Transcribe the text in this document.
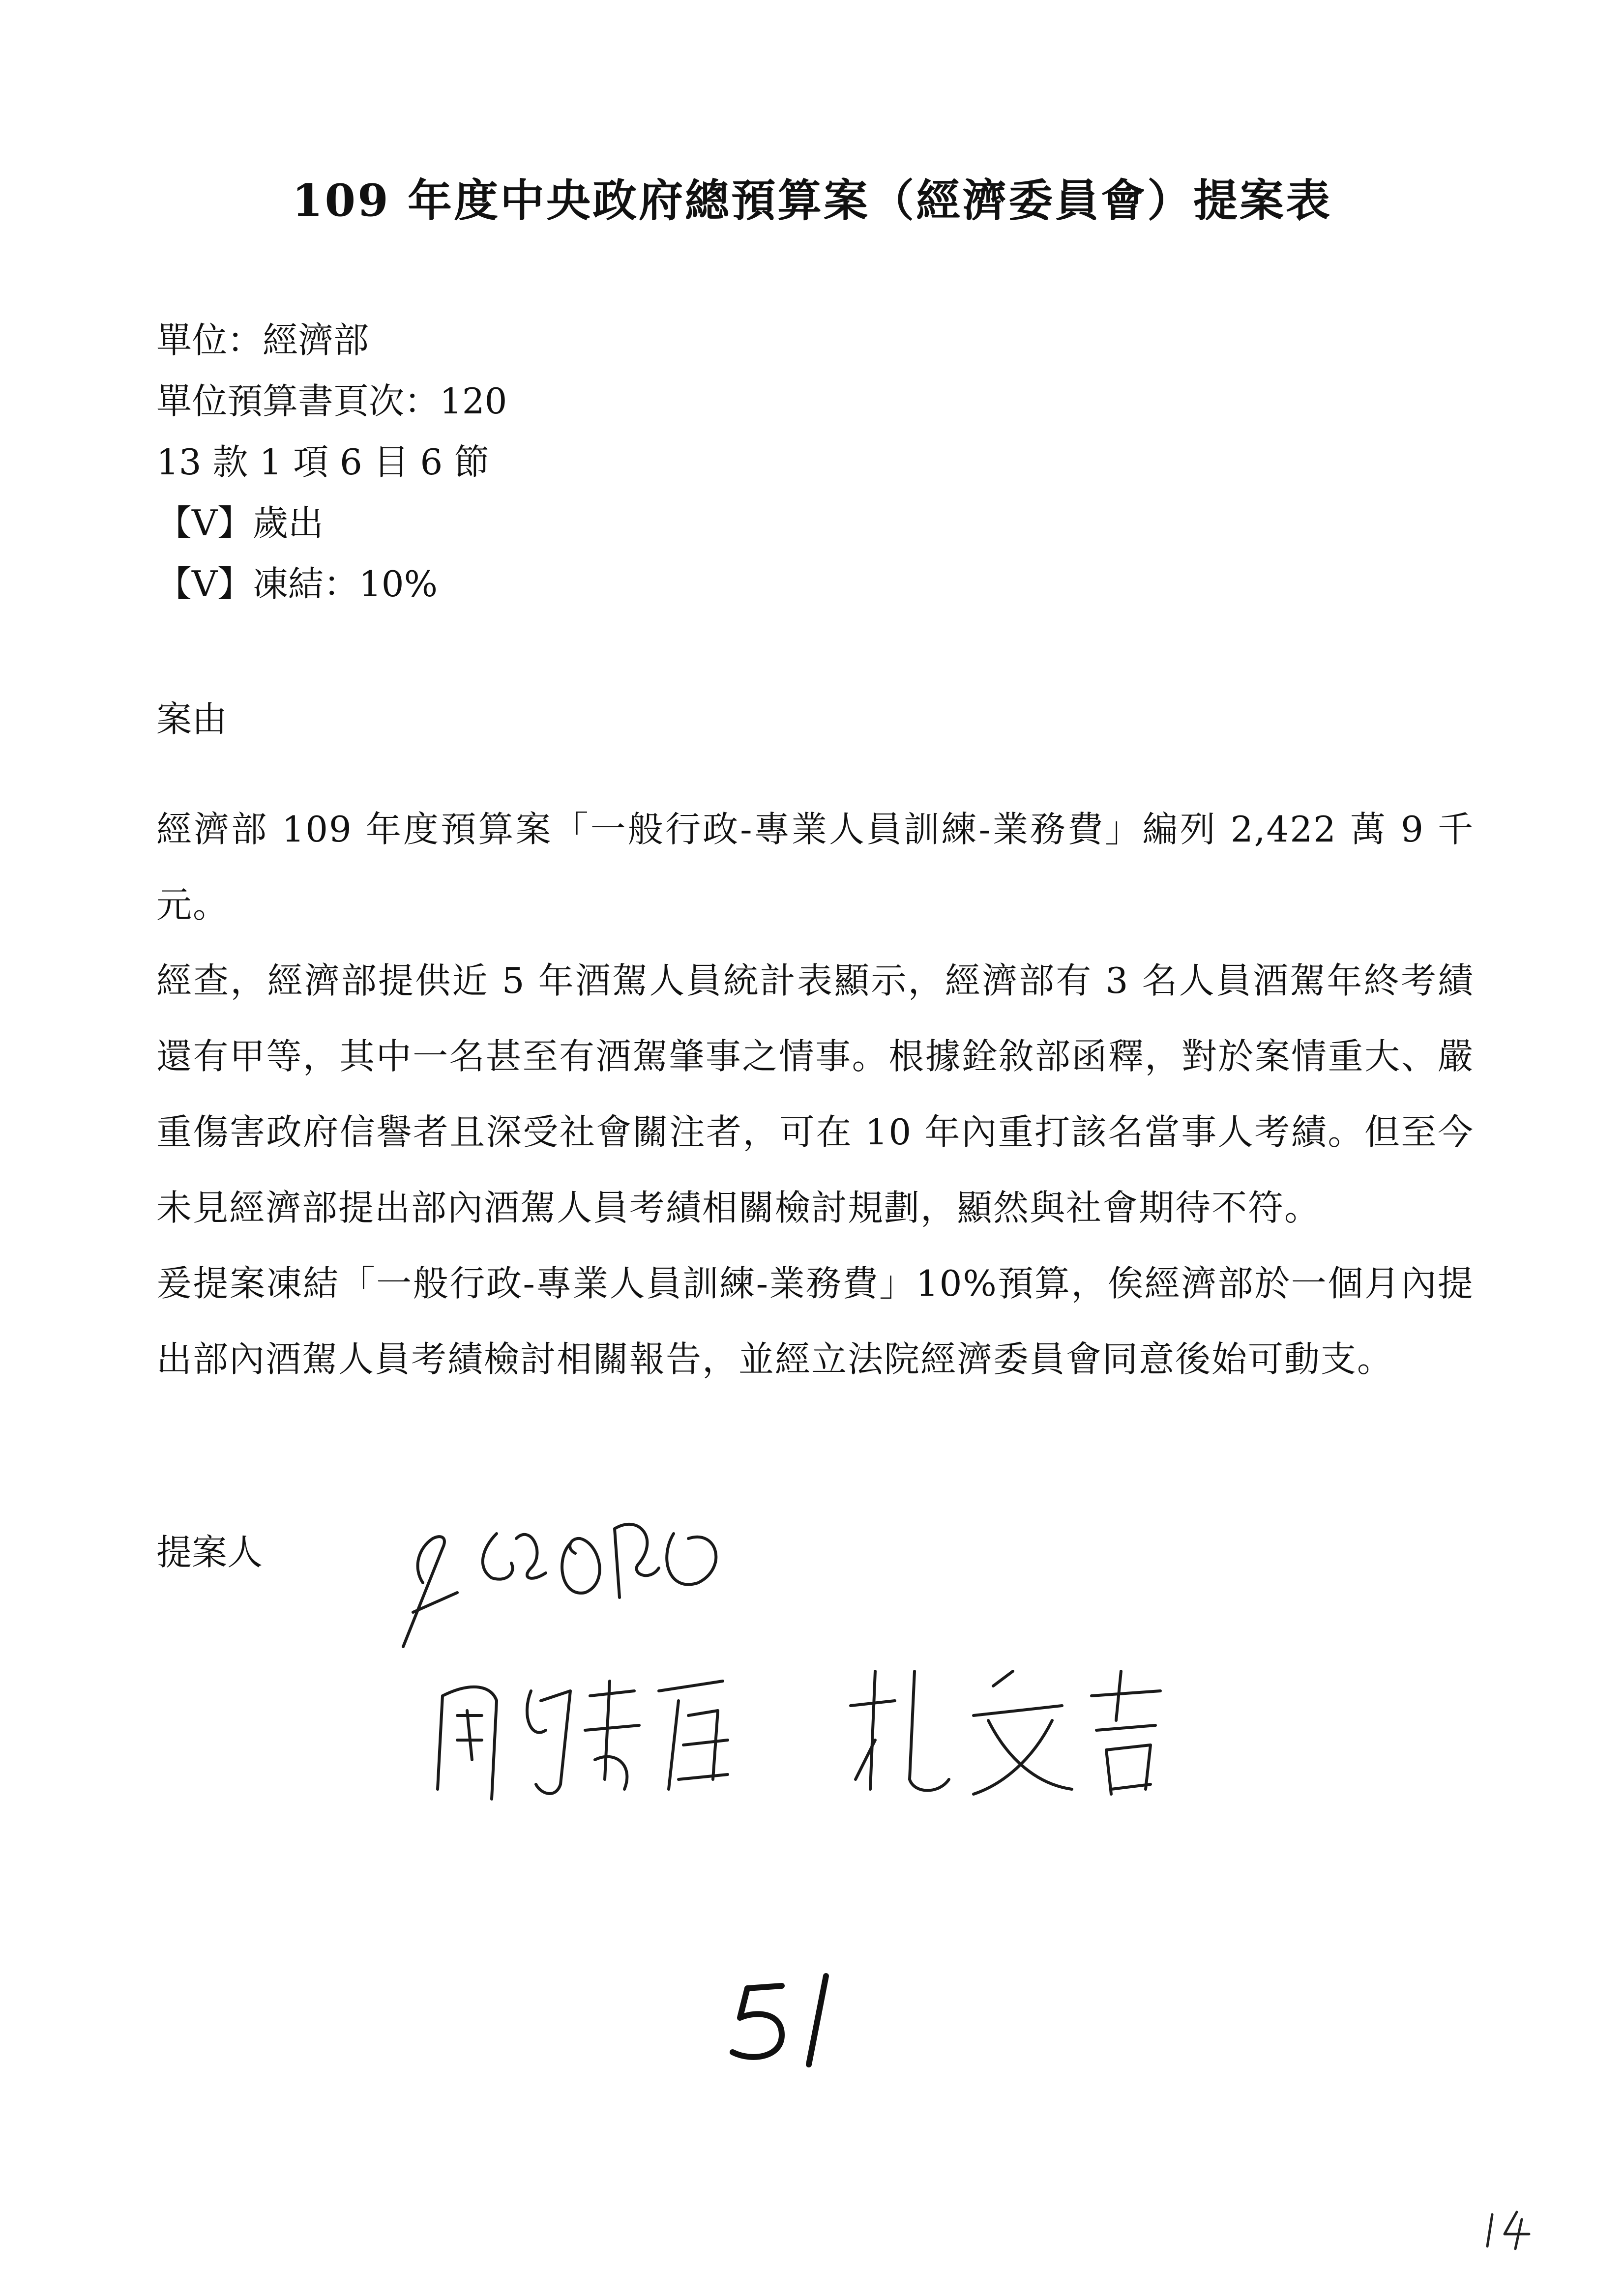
109 年度中央政府總預算案（經濟委員會）提案表
單位：經濟部
單位預算書頁次：120
13 款 1 項 6 目 6 節
【V】歲出
【V】凍結：10%
案由

經濟部 109 年度預算案「一般行政-專業人員訓練-業務費」編列 2,422 萬 9 千元。

經查，經濟部提供近 5 年酒駕人員統計表顯示，經濟部有 3 名人員酒駕年終考績還有甲等，其中一名甚至有酒駕肇事之情事。根據銓敘部函釋，對於案情重大、嚴重傷害政府信譽者且深受社會關注者，可在 10 年內重打該名當事人考績。但至今未見經濟部提出部內酒駕人員考績相關檢討規劃，顯然與社會期待不符。

爰提案凍結「一般行政-專業人員訓練-業務費」10%預算，俟經濟部於一個月內提出部內酒駕人員考績檢討相關報告，並經立法院經濟委員會同意後始可動支。

提案人
